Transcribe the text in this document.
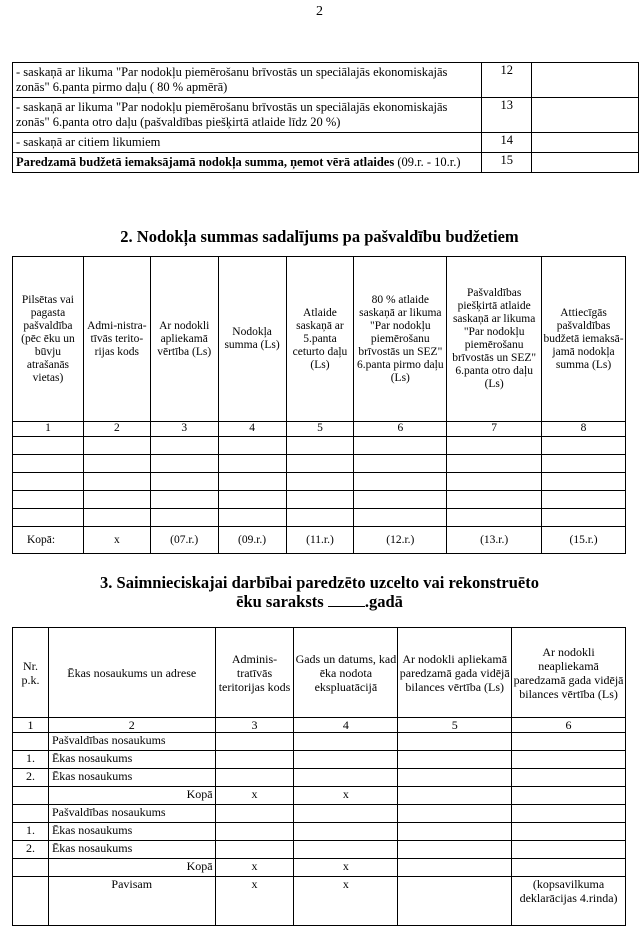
2
- saskaņā ar likuma "Par nodokļu piemērošanu brīvostās un speciālajās ekonomiskajās zonās" 6.panta pirmo daļu ( 80 % apmērā)	12	
- saskaņā ar likuma "Par nodokļu piemērošanu brīvostās un speciālajās ekonomiskajās zonās" 6.panta otro daļu (pašvaldības piešķirtā atlaide līdz 20 %)	13	
- saskaņā ar citiem likumiem	14	
Paredzamā budžetā iemaksājamā nodokļa summa, ņemot vērā atlaides (09.r. - 10.r.)	15	
2. Nodokļa summas sadalījums pa pašvaldību budžetiem
Pilsētas vai pagasta pašvaldība (pēc ēku un būvju atrašanās vietas)	Admi-nistra-tīvās terito-rijas kods	Ar nodokli apliekamā vērtība (Ls)	Nodokļa summa (Ls)	Atlaide saskaņā ar 5.panta ceturto daļu (Ls)	80 % atlaide saskaņā ar likuma "Par nodokļu piemērošanu brīvostās un SEZ" 6.panta pirmo daļu (Ls)	Pašvaldības piešķirtā atlaide saskaņā ar likuma "Par nodokļu piemērošanu brīvostās un SEZ" 6.panta otro daļu (Ls)	Attiecīgās pašvaldības budžetā iemaksā-jamā nodokļa summa (Ls)
1	2	3	4	5	6	7	8

Kopā:	x	(07.r.)	(09.r.)	(11.r.)	(12.r.)	(13.r.)	(15.r.)
3. Saimnieciskajai darbībai paredzēto uzcelto vai rekonstruēto
ēku saraksts .gadā
Nr. p.k.	Ēkas nosaukums un adrese	Adminis-tratīvās teritorijas kods	Gads un datums, kad ēka nodota ekspluatācijā	Ar nodokli apliekamā paredzamā gada vidējā bilances vērtība (Ls)	Ar nodokli neapliekamā paredzamā gada vidējā bilances vērtība (Ls)
1	2	3	4	5	6
	Pašvaldības nosaukums				
1.	Ēkas nosaukums				
2.	Ēkas nosaukums				
	Kopā	x	x		
	Pašvaldības nosaukums				
1.	Ēkas nosaukums				
2.	Ēkas nosaukums				
	Kopā	x	x		
	Pavisam	x	x		(kopsavilkuma deklarācijas 4.rinda)
